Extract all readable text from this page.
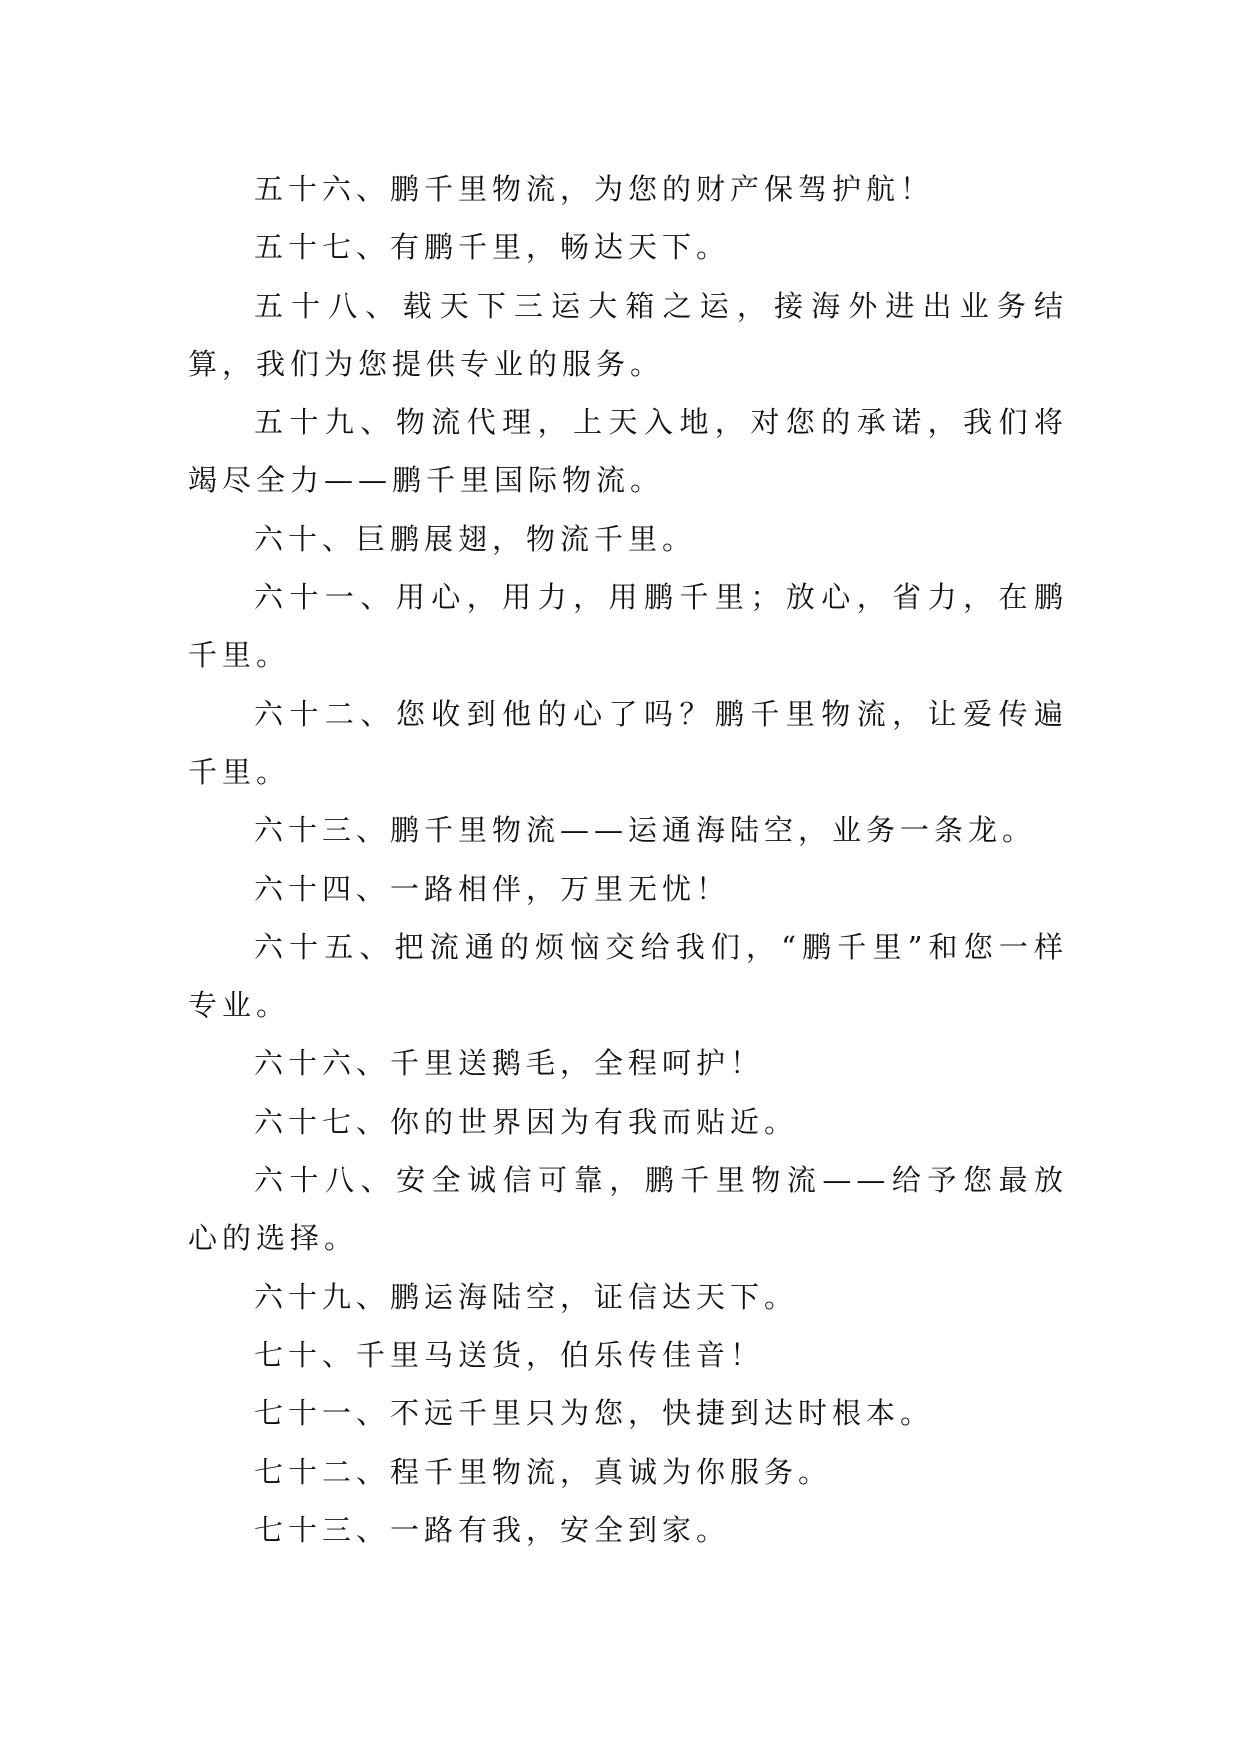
五十六、鹏千里物流，为您的财产保驾护航！

五十七、有鹏千里，畅达天下。

五十八、载天下三运大箱之运，接海外进出业务结算，我们为您提供专业的服务。

五十九、物流代理，上天入地，对您的承诺，我们将竭尽全力——鹏千里国际物流。

六十、巨鹏展翅，物流千里。

六十一、用心，用力，用鹏千里；放心，省力，在鹏千里。

六十二、您收到他的心了吗？鹏千里物流，让爱传遍千里。

六十三、鹏千里物流——运通海陆空，业务一条龙。

六十四、一路相伴，万里无忧！

六十五、把流通的烦恼交给我们，“鹏千里”和您一样专业。

六十六、千里送鹅毛，全程呵护！

六十七、你的世界因为有我而贴近。

六十八、安全诚信可靠，鹏千里物流——给予您最放心的选择。

六十九、鹏运海陆空，证信达天下。

七十、千里马送货，伯乐传佳音！

七十一、不远千里只为您，快捷到达时根本。

七十二、程千里物流，真诚为你服务。

七十三、一路有我，安全到家。
